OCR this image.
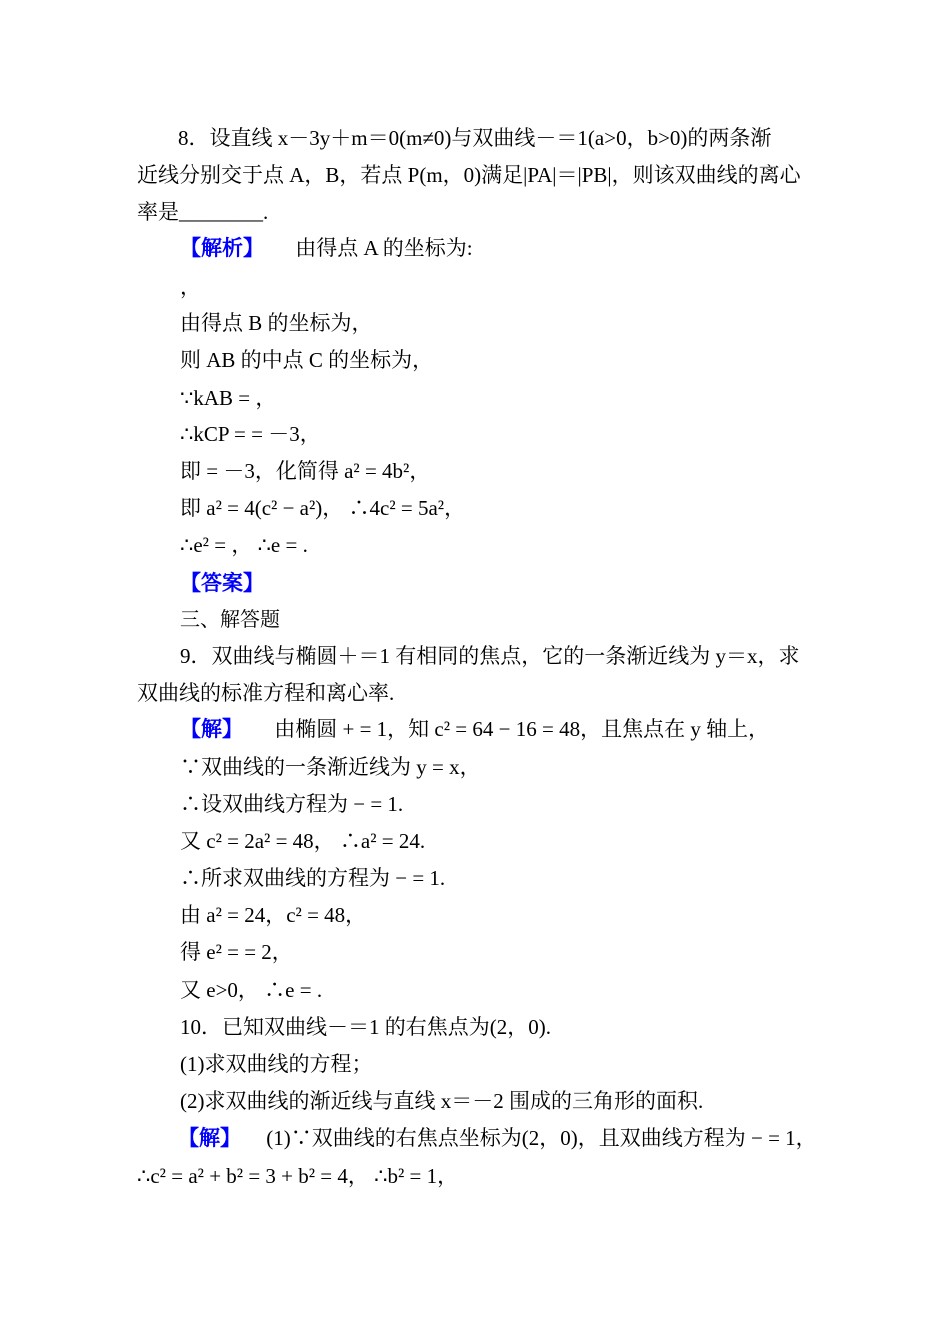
8．设直线 x－3y＋m＝0(m≠0)与双曲线－＝1(a>0，b>0)的两条渐
近线分别交于点 A，B，若点 P(m，0)满足|PA|＝|PB|，则该双曲线的离心
率是________.
【解析】 由得点 A 的坐标为:
，
由得点 B 的坐标为，
则 AB 的中点 C 的坐标为，
∵kAB = ，
∴kCP = = －3，
即 = －3，化简得 a² = 4b²，
即 a² = 4(c² − a²)， ∴4c² = 5a²，
∴e² = ， ∴e = .
【答案】
三、解答题
9．双曲线与椭圆＋＝1 有相同的焦点，它的一条渐近线为 y＝x，求
双曲线的标准方程和离心率.
【解】 由椭圆 + = 1，知 c² = 64 − 16 = 48，且焦点在 y 轴上，
∵双曲线的一条渐近线为 y = x，
∴设双曲线方程为 − = 1.
又 c² = 2a² = 48， ∴a² = 24.
∴所求双曲线的方程为 − = 1.
由 a² = 24，c² = 48，
得 e² = = 2，
又 e>0， ∴e = .
10．已知双曲线－＝1 的右焦点为(2，0).
(1)求双曲线的方程；
(2)求双曲线的渐近线与直线 x＝－2 围成的三角形的面积.
【解】 (1)∵双曲线的右焦点坐标为(2，0)，且双曲线方程为 − = 1，
∴c² = a² + b² = 3 + b² = 4， ∴b² = 1，
